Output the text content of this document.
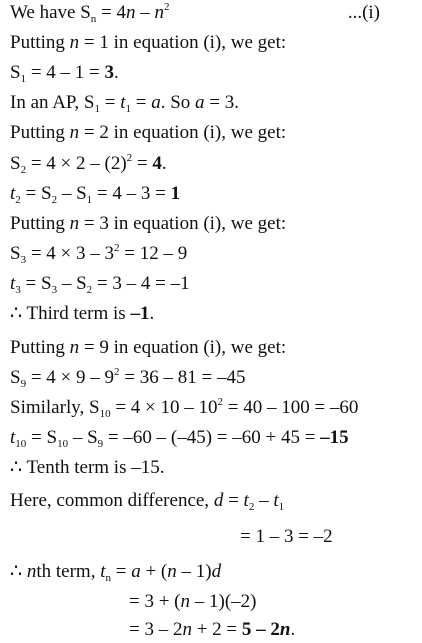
We have $S_n = 4n - n^2$	...(i)
Putting n = 1 in equation (i), we get:
$S_1 = 4 - 1 = 3$.
In an AP, $S_1 = t_1 = a$. So a = 3.
Putting n = 2 in equation (i), we get:
$S_2 = 4 \times 2 - (2)^2 = 4$.
$t_2 = S_2 - S_1 = 4 - 3 = 1$
Putting n = 3 in equation (i), we get:
$S_3 = 4 \times 3 - 3^2 = 12 - 9$
$t_3 = S_3 - S_2 = 3 - 4 = -1$
∴ Third term is –1.
Putting n = 9 in equation (i), we get:
$S_9 = 4 \times 9 - 9^2 = 36 - 81 = -45$
Similarly, $S_{10} = 4 \times 10 - 10^2 = 40 - 100 = -60$
$t_{10} = S_{10} - S_9 = -60 - (-45) = -60 + 45 = -15$
∴ Tenth term is –15.
Here, common difference, $d = t_2 - t_1$
= 1 – 3 = –2
∴ nth term, $t_n = a + (n - 1)d$
= 3 + (n – 1)(–2)
= 3 – 2n + 2 = 5 – 2n.
